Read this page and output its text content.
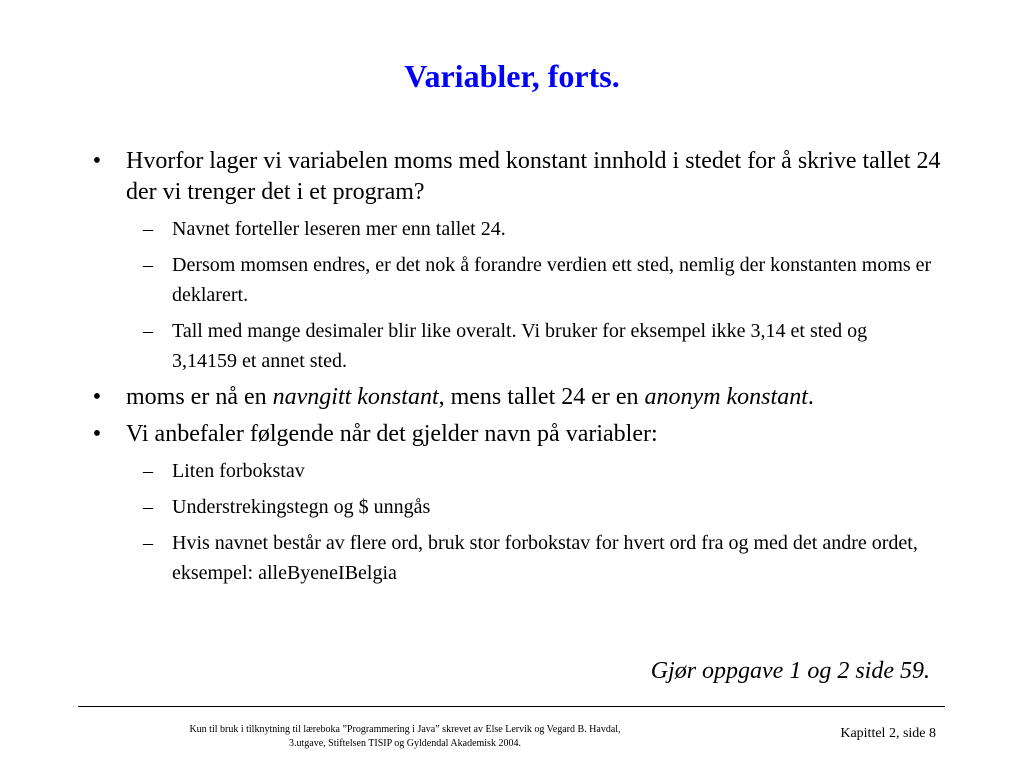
Variabler, forts.
• Hvorfor lager vi variabelen moms med konstant innhold i stedet for å skrive tallet 24 der vi trenger det i et program?
– Navnet forteller leseren mer enn tallet 24.
– Dersom momsen endres, er det nok å forandre verdien ett sted, nemlig der konstanten moms er deklarert.
– Tall med mange desimaler blir like overalt. Vi bruker for eksempel ikke 3,14 et sted og 3,14159 et annet sted.
• moms er nå en navngitt konstant, mens tallet 24 er en anonym konstant.
• Vi anbefaler følgende når det gjelder navn på variabler:
– Liten forbokstav
– Understrekingstegn og $ unngås
– Hvis navnet består av flere ord, bruk stor forbokstav for hvert ord fra og med det andre ordet, eksempel: alleByeneIBelgia
Gjør oppgave 1 og 2 side 59.
Kun til bruk i tilknytning til læreboka ”Programmering i Java” skrevet av Else Lervik og Vegard B. Havdal,
3.utgave, Stiftelsen TISIP og Gyldendal Akademisk 2004.
Kapittel 2, side 8
